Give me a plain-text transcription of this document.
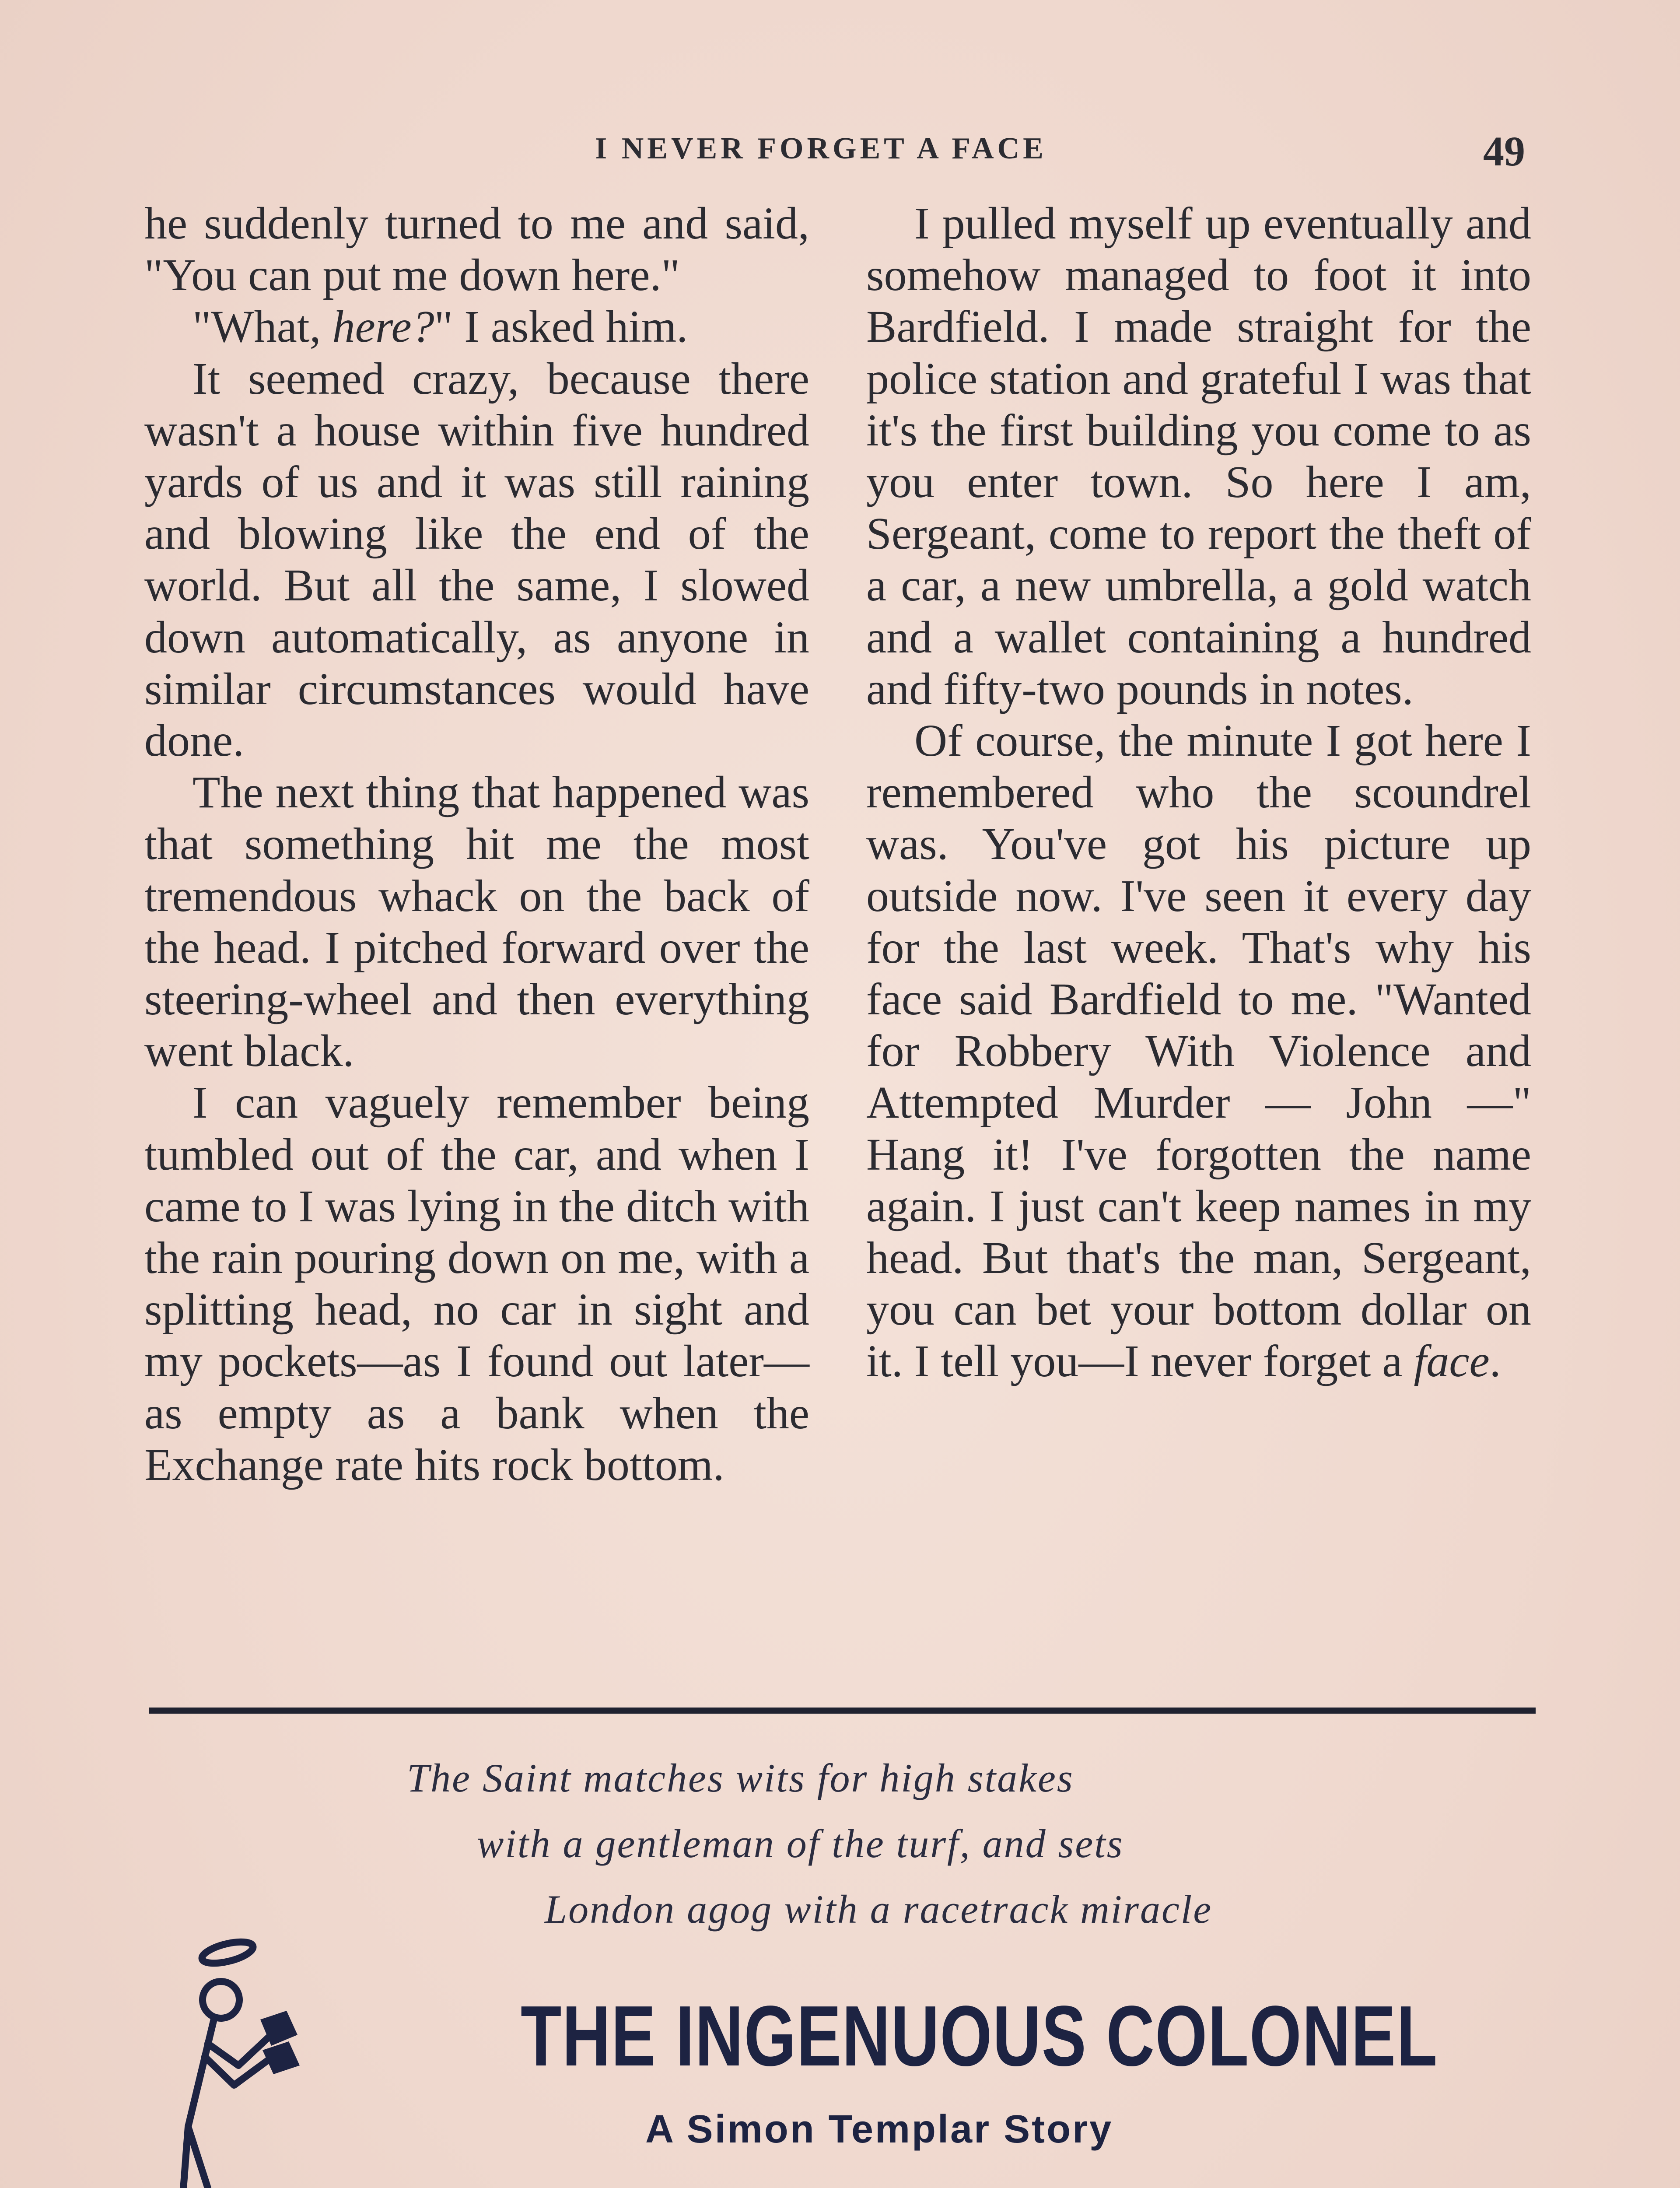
I NEVER FORGET A FACE	49

he suddenly turned to me and said, "You can put me down here."

"What, here?" I asked him.

It seemed crazy, because there wasn't a house within five hundred yards of us and it was still raining and blowing like the end of the world. But all the same, I slowed down automatically, as anyone in similar circumstances would have done.

The next thing that happened was that something hit me the most tremendous whack on the back of the head. I pitched forward over the steering-wheel and then everything went black.

I can vaguely remember being tumbled out of the car, and when I came to I was lying in the ditch with the rain pouring down on me, with a splitting head, no car in sight and my pockets—as I found out later—as empty as a bank when the Exchange rate hits rock bottom.

I pulled myself up eventually and somehow managed to foot it into Bardfield. I made straight for the police station and grateful I was that it's the first building you come to as you enter town. So here I am, Sergeant, come to report the theft of a car, a new umbrella, a gold watch and a wallet containing a hundred and fifty-two pounds in notes.

Of course, the minute I got here I remembered who the scoundrel was. You've got his picture up outside now. I've seen it every day for the last week. That's why his face said Bardfield to me. "Wanted for Robbery With Violence and Attempted Murder — John —" Hang it! I've forgotten the name again. I just can't keep names in my head. But that's the man, Sergeant, you can bet your bottom dollar on it. I tell you—I never forget a face.

The Saint matches wits for high stakes
with a gentleman of the turf, and sets
London agog with a racetrack miracle
THE INGENUOUS COLONEL
A Simon Templar Story
